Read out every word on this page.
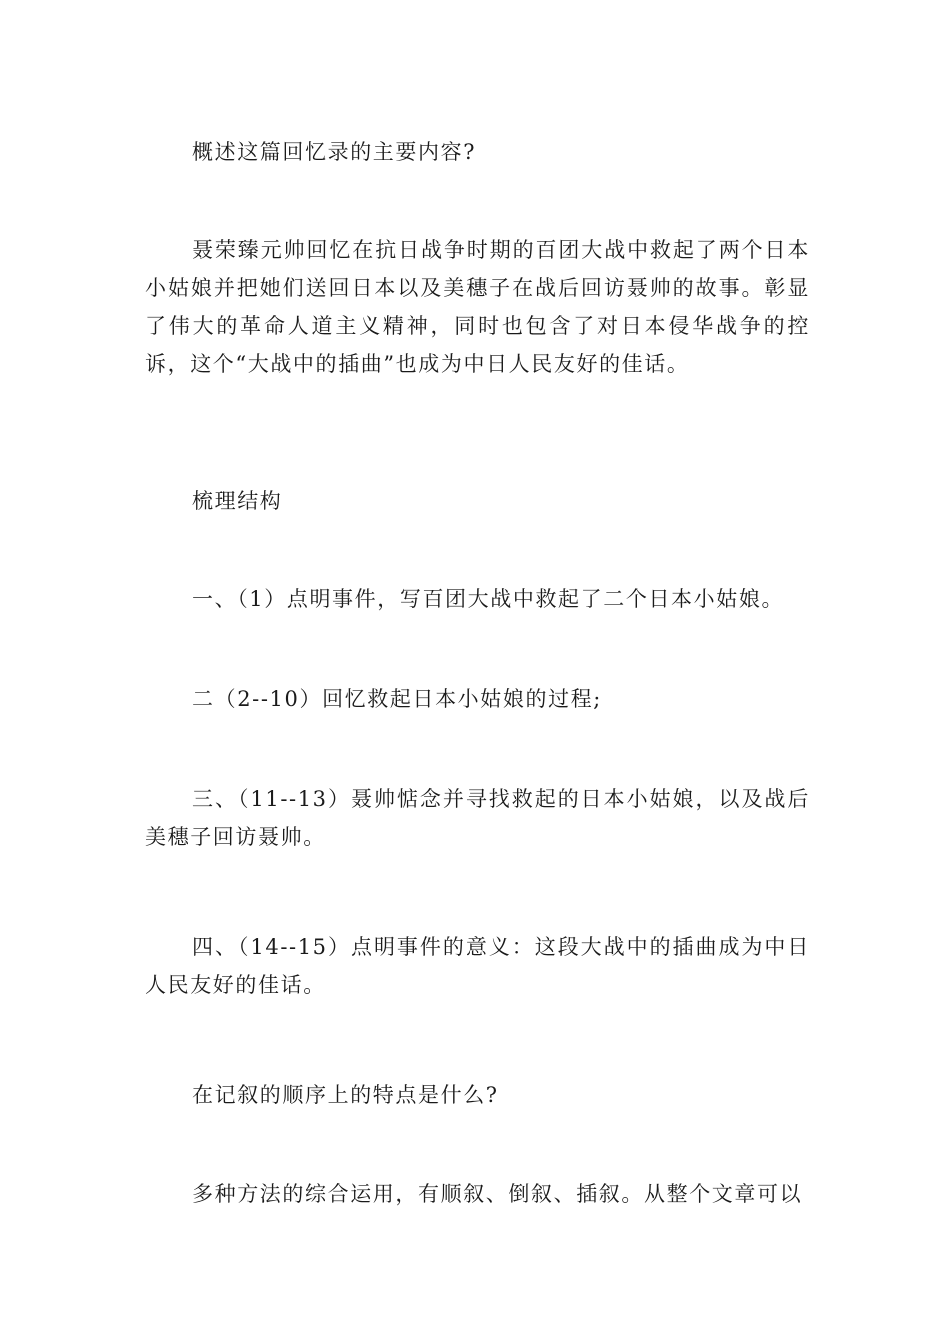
概述这篇回忆录的主要内容?

聂荣臻元帅回忆在抗日战争时期的百团大战中救起了两个日本小姑娘并把她们送回日本以及美穗子在战后回访聂帅的故事。彰显了伟大的革命人道主义精神，同时也包含了对日本侵华战争的控诉，这个“大战中的插曲”也成为中日人民友好的佳话。

梳理结构

一、（1）点明事件，写百团大战中救起了二个日本小姑娘。

二（2--10）回忆救起日本小姑娘的过程;

三、（11--13）聂帅惦念并寻找救起的日本小姑娘，以及战后美穗子回访聂帅。

四、（14--15）点明事件的意义：这段大战中的插曲成为中日人民友好的佳话。

在记叙的顺序上的特点是什么?

多种方法的综合运用，有顺叙、倒叙、插叙。从整个文章可以
